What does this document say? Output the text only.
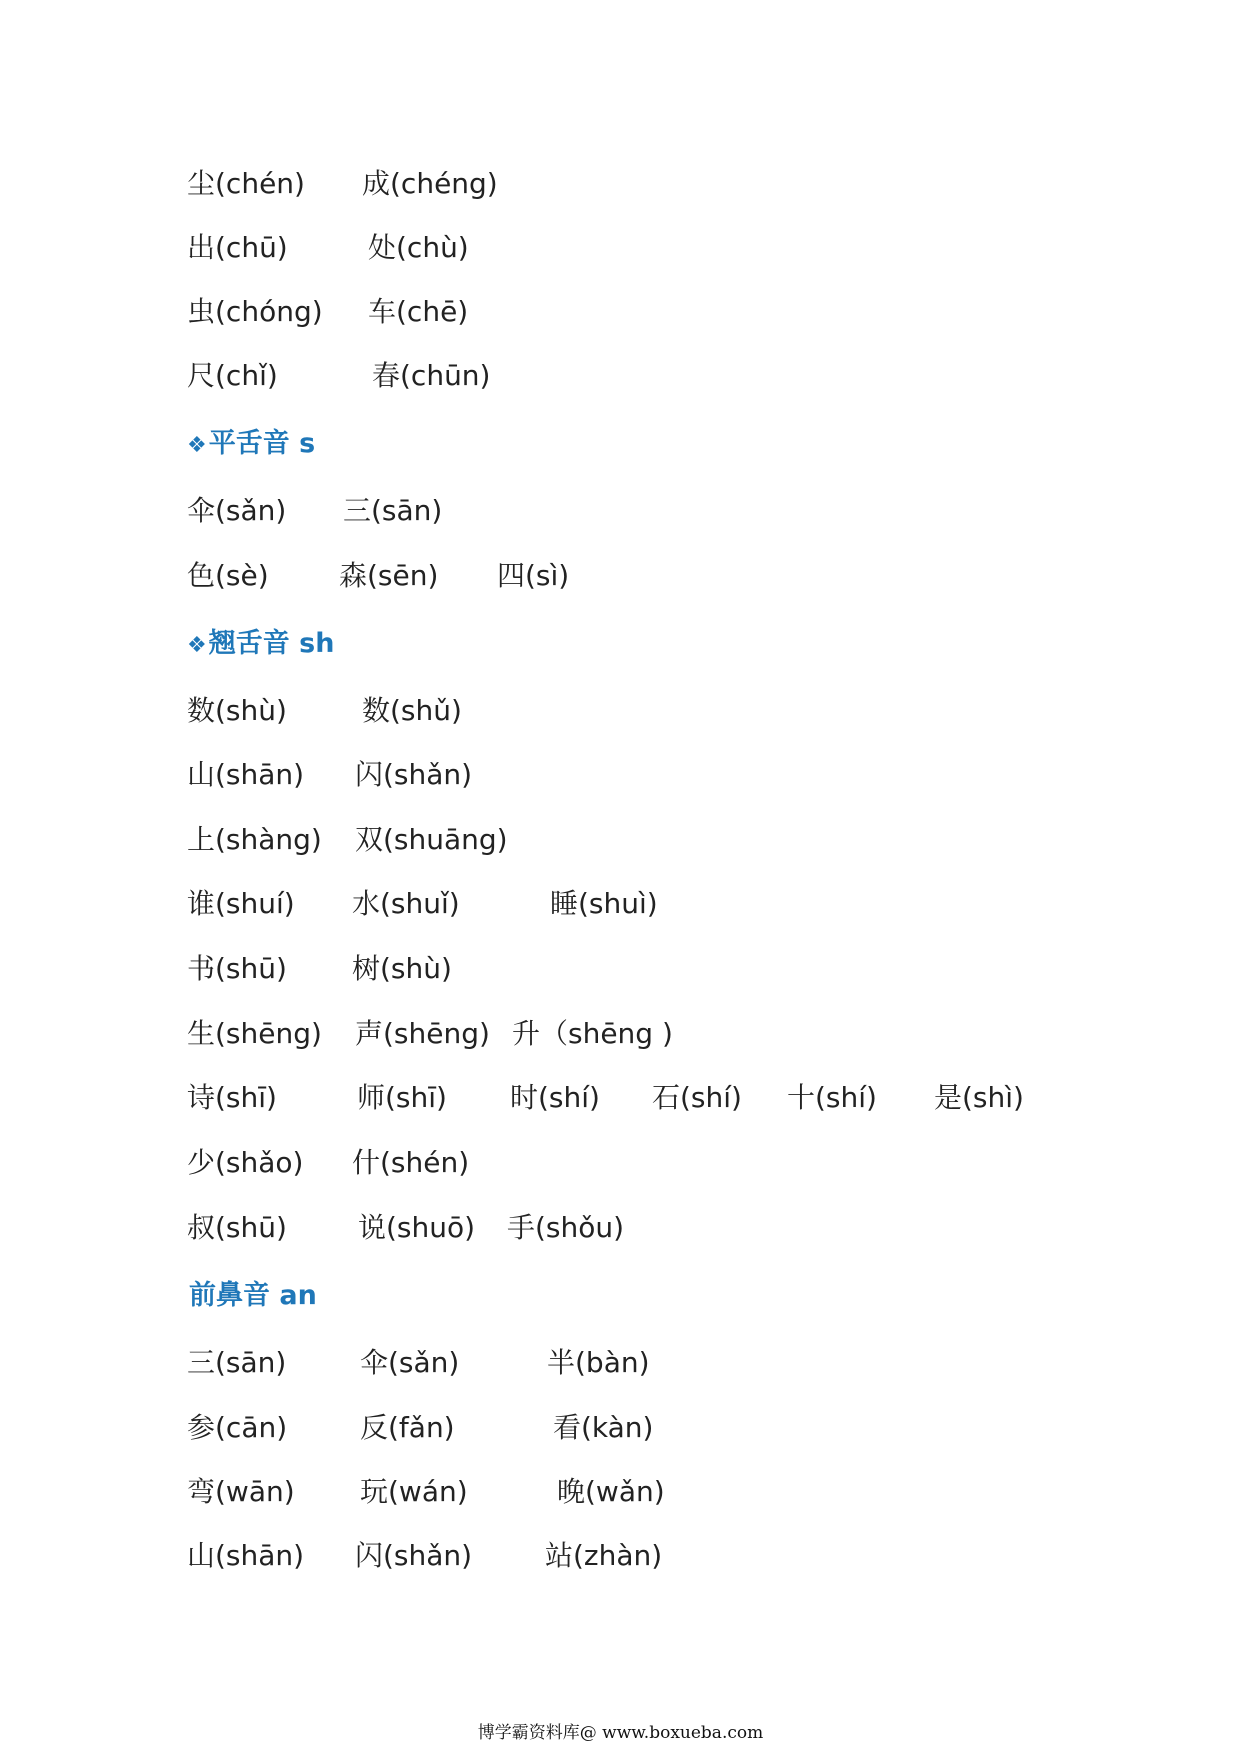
尘(chén) 成(chéng)
出(chū)	处(chù)
虫(chóng) 车(chē)
尺(chǐ)	春(chūn)
❖平舌音 s
伞(sǎn) 三(sān)
色(sè)	森(sēn) 四(sì)
❖翘舌音 sh
数(shù)	数(shǔ)
山(shān) 闪(shǎn)
上(shàng) 双(shuāng)
谁(shuí) 水(shuǐ)	睡(shuì)
书(shū) 树(shù)
生(shēng) 声(shēng) 升（shēng )
诗(shī)	师(shī) 时(shí) 石(shí) 十(shí) 是(shì)
少(shǎo) 什(shén)
叔(shū)	说(shuō) 手(shǒu)
前鼻音 an
三(sān)	伞(sǎn)	半(bàn)
参(cān)	反(fǎn)	看(kàn)
弯(wān) 玩(wán)	晚(wǎn)
山(shān) 闪(shǎn)	站(zhàn)
博学霸资料库@ www.boxueba.com
